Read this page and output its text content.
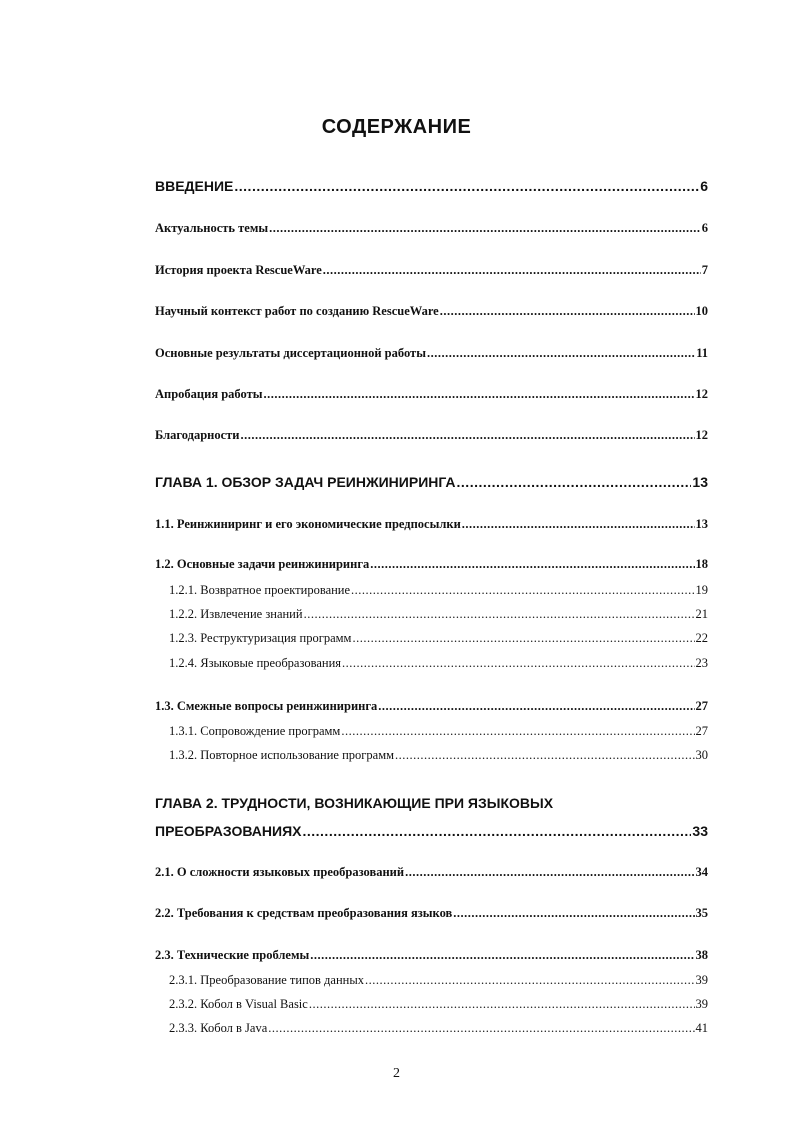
СОДЕРЖАНИЕ
ВВЕДЕНИЕ .....	6
Актуальность темы .....	6
История проекта RescueWare .....	7
Научный контекст работ по созданию RescueWare .....	10
Основные результаты диссертационной работы .....	11
Апробация работы .....	12
Благодарности .....	12
ГЛАВА 1. ОБЗОР ЗАДАЧ РЕИНЖИНИРИНГА .....	13
1.1. Реинжиниринг и его экономические предпосылки .....	13
1.2. Основные задачи реинжиниринга .....	18
1.2.1. Возвратное проектирование .....	19
1.2.2. Извлечение знаний .....	21
1.2.3. Реструктуризация программ .....	22
1.2.4. Языковые преобразования .....	23
1.3. Смежные вопросы реинжиниринга .....	27
1.3.1. Сопровождение программ .....	27
1.3.2. Повторное использование программ .....	30
ГЛАВА 2. ТРУДНОСТИ, ВОЗНИКАЮЩИЕ ПРИ ЯЗЫКОВЫХ
ПРЕОБРАЗОВАНИЯХ .....	33
2.1. О сложности языковых преобразований .....	34
2.2. Требования к средствам преобразования языков .....	35
2.3. Технические проблемы .....	38
2.3.1. Преобразование типов данных .....	39
2.3.2. Кобол в Visual Basic .....	39
2.3.3. Кобол в Java .....	41
2
